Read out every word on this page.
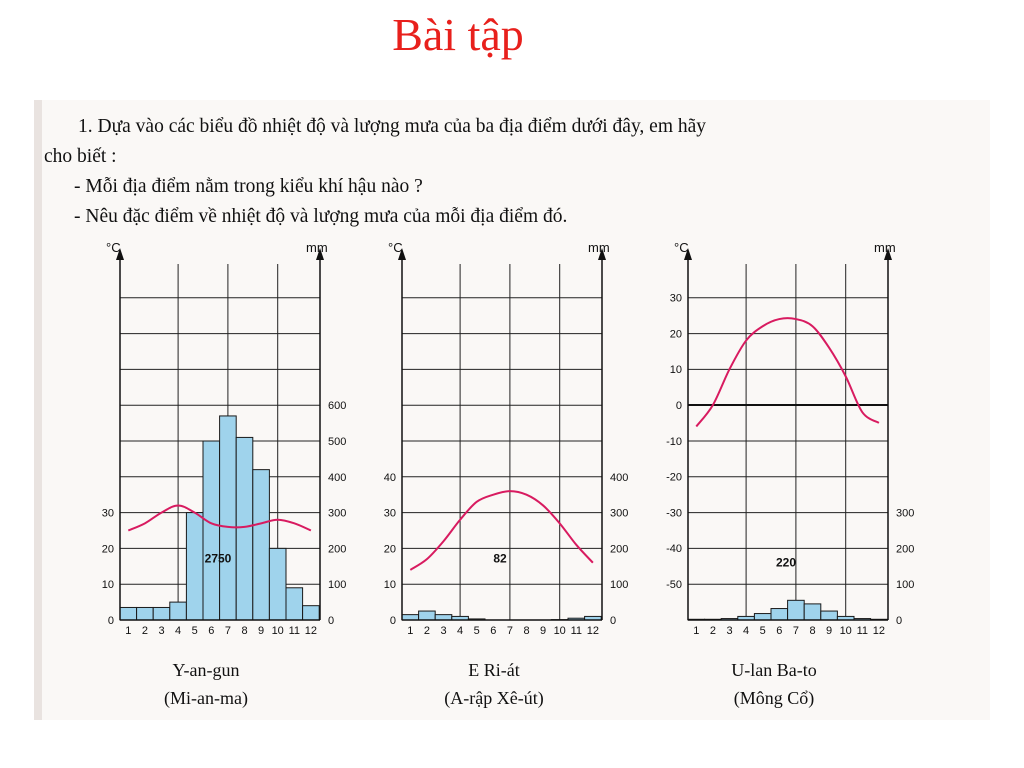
Bài tập
1. Dựa vào các biểu đồ nhiệt độ và lượng mưa của ba địa điểm dưới đây, em hãy
cho biết :
- Mỗi địa điểm nằm trong kiểu khí hậu nào ?
- Nêu đặc điểm về nhiệt độ và lượng mưa của mỗi địa điểm đó.
°C	mm
0
10
20
30
0
100
200
300
400
500
600
1 2 3 4 5 6 7 8 9 10 11 12
2750
Y-an-gun
(Mi-an-ma)
°C	mm
0
10
20
30
40
0
100
200
300
400
1 2 3 4 5 6 7 8 9 10 11 12
82
E Ri-át
(A-rập Xê-út)
°C	mm
-50
-40
-30
-20
-10
0
10
20
30
0
100
200
300
1 2 3 4 5 6 7 8 9 10 11 12
220
U-lan Ba-to
(Mông Cổ)
